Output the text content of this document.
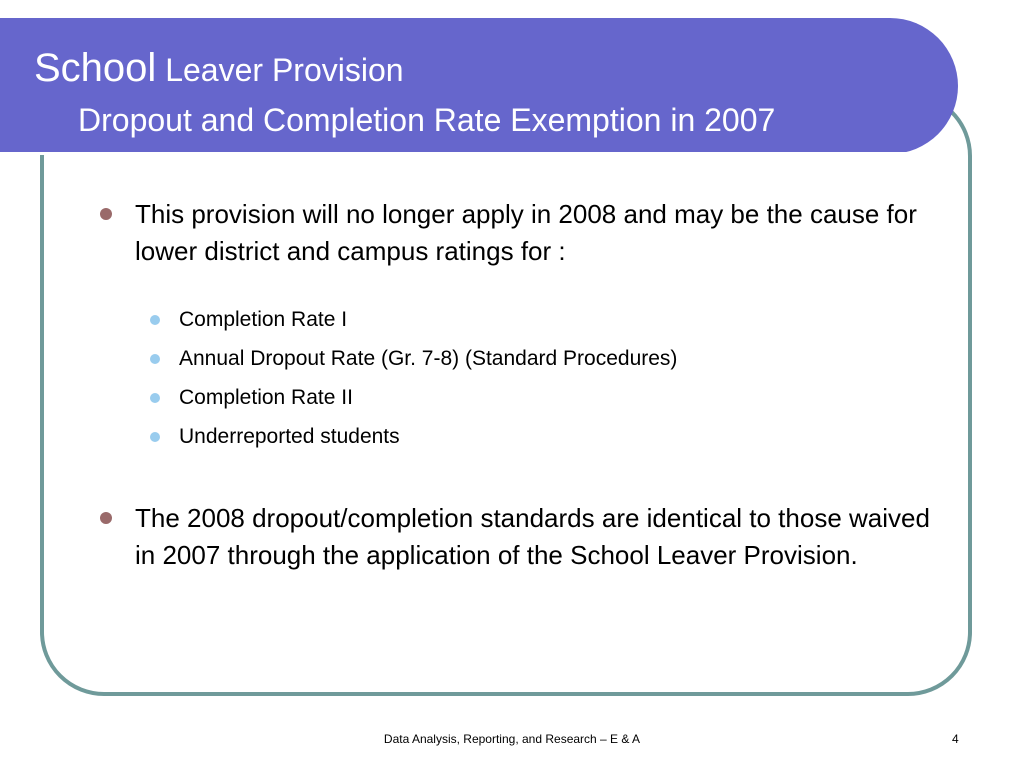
School Leaver Provision
Dropout and Completion Rate Exemption in 2007
This provision will no longer apply in 2008 and may be the cause for lower district and campus ratings for :
Completion Rate I
Annual Dropout Rate (Gr. 7-8) (Standard Procedures)
Completion Rate II
Underreported students
The 2008 dropout/completion standards are identical to those waived in 2007 through the application of the School Leaver Provision.
Data Analysis, Reporting, and Research – E & A	4
